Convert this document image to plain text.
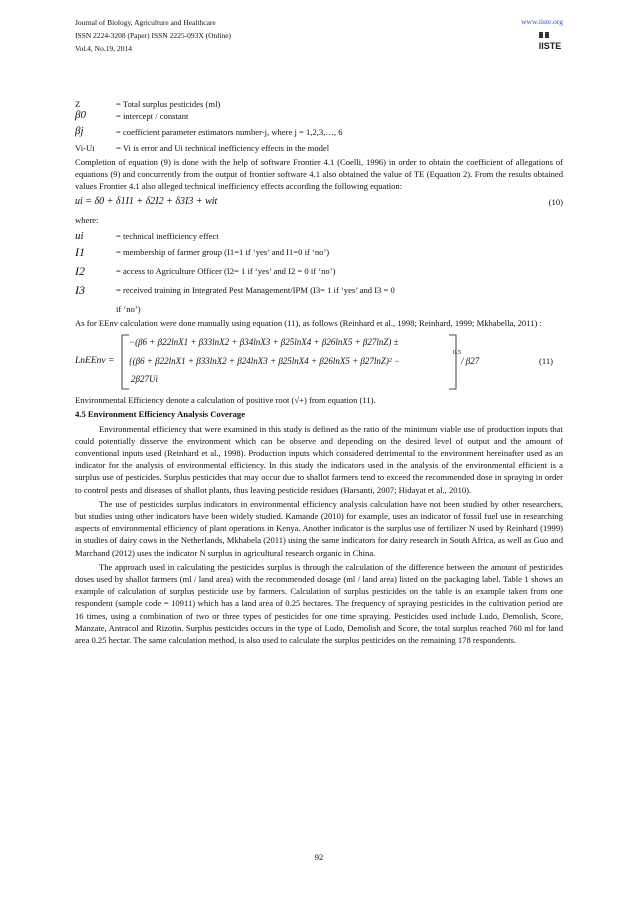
Journal of Biology, Agriculture and Healthcare
ISSN 2224-3208 (Paper) ISSN 2225-093X (Online)
Vol.4, No.19, 2014
www.iiste.org
IISTE
Z	= Total surplus pesticides (ml)
β0	= intercept / constant
βj	= coefficient parameter estimators number-j, where j = 1,2,3,…, 6
Vi-Ui = Vi is error and Ui technical inefficiency effects in the model

Completion of equation (9) is done with the help of software Frontier 4.1 (Coelli, 1996) in order to obtain the coefficient of allegations of equations (9) and concurrently from the output of frontier software 4.1 also obtained the value of TE (Equation 2). From the results obtained values Frontier 4.1 also alleged technical inefficiency effects according the following equation:

ui = δ0 + δ1I1 + δ2I2 + δ3I3 + wit	(10)
where:
ui	= technical inefficiency effect
I1	= membership of farmer group (I1=1 if ‘yes’ and I1=0 if ‘no’)
I2	= access to Agriculture Officer (I2= 1 if ‘yes’ and I2 = 0 if ‘no’)
I3	= received training in Integrated Pest Management/IPM (I3= 1 if ‘yes’ and I3 = 0
if ‘no’)

As for EEnv calculation were done manually using equation (11), as follows (Reinhard et al., 1998; Reinhard, 1999; Mkhabella, 2011) :

LnEEnv =
−(β6 + β22lnX1 + β33lnX2 + β34lnX3 + β25lnX4 + β26lnX5 + β27lnZ) ±
{(β6 + β22lnX1 + β33lnX2 + β24lnX3 + β25lnX4 + β26lnX5 + β27lnZ)² −
0.5
2β27Ui
/ β27	(11)

Environmental Efficiency denote a calculation of positive root (√+) from equation (11).

4.5 Environment Efficiency Analysis Coverage

Environmental efficiency that were examined in this study is defined as the ratio of the minimum viable use of production inputs that could potentially disserve the environment which can be observe and depending on the desired level of output and the amount of conventional inputs used (Reinhard et al., 1998). Production inputs which considered detrimental to the environment hereinafter used as an indicator for the analysis of environmental efficiency. In this study the indicators used in the analysis of the environmental efficient is a surplus use of pesticides. Surplus pesticides that may occur due to shallot farmers tend to exceed the recommended dose in spraying in order to control pests and diseases of shallot plants, thus leaving pesticide residues (Harsanti, 2007; Hidayat et al., 2010).

The use of pesticides surplus indicators in environmental efficiency analysis calculation have not been studied by other researchers, but studies using other indicators have been widely studied. Kamande (2010) for example, uses an indicator of fossil fuel use in researching aspects of environmental efficiency of plant operations in Kenya. Another indicator is the surplus use of fertilizer N used by Reinhard (1999) in studies of dairy cows in the Netherlands, Mkhabela (2011) using the same indicators for dairy research in South Africa, as well as Guo and Marchand (2012) uses the indicator N surplus in agricultural research organic in China.

The approach used in calculating the pesticides surplus is through the calculation of the difference between the amount of pesticides doses used by shallot farmers (ml / land area) with the recommended dosage (ml / land area) listed on the packaging label. Table 1 shows an example of calculation of surplus pesticide use by farmers. Calculation of surplus pesticides on the table is an example taken from one respondent (sample code = 10911) which has a land area of 0.25 hectares. The frequency of spraying pesticides in the cultivation period are 16 times, using a combination of two or three types of pesticides for one time spraying. Pesticides used include Ludo, Demolish, Score, Manzate, Antracol and Rizotin. Surplus pesticides occurs in the type of Ludo, Demolish and Score, the total surplus reached 760 ml for land area 0.25 hectar. The same calculation method, is also used to calculate the surplus pesticides on the remaining 178 respondents.

92
